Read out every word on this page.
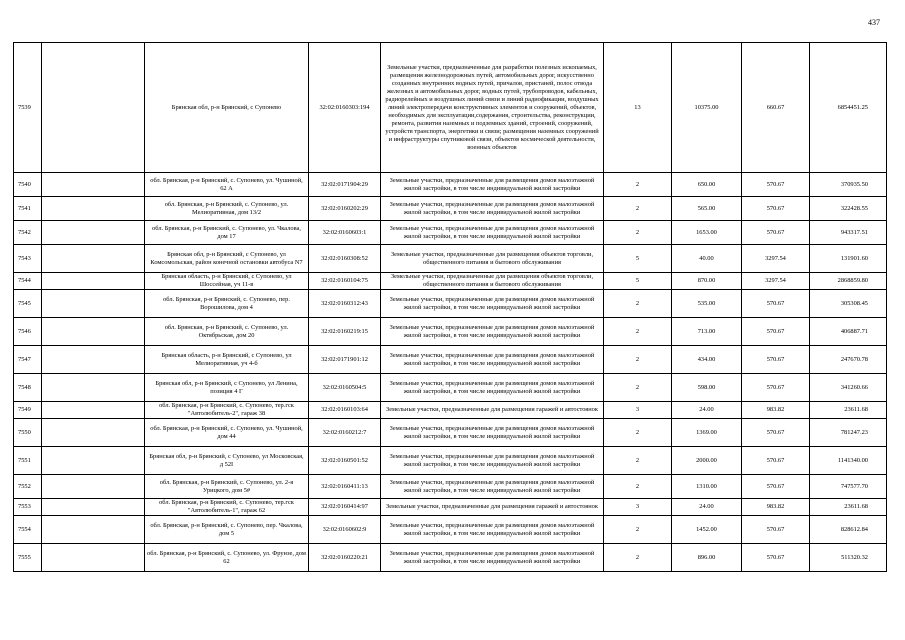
437
7539		Брянская обл, р-н Брянский, с Супонево	32:02:0160303:194	Земельные участки, предназначенные для разработки полезных ископаемых, размещения железнодорожных путей, автомобильных дорог, искусственно созданных внутренних водных путей, причалов, пристаней, полос отвода железных и автомобильных дорог, водных путей, трубопроводов, кабельных, радиорелейных и воздушных линий связи и линий радиофикации, воздушных линий электропередачи конструктивных элементов и сооружений, объектов, необходимых для эксплуатации,содержания, строительства, реконструкции, ремонта, развития наземных и подземных зданий, строений, сооружений, устройств транспорта, энергетики и связи; размещения наземных сооружений и инфраструктуры спутниковой связи, объектов космической деятельности, военных объектов	13	10375.00	660.67	6854451.25
7540		обл. Брянская, р-н Брянский, с. Супонево, ул. Чушиной, 62 А	32:02:0171904:29	Земельные участки, предназначенные для размещения домов малоэтажной жилой застройки, в том числе индивидуальной жилой застройки	2	650.00	570.67	370935.50
7541		обл. Брянская, р-н Брянский, с. Супонево, ул. Мелиоративная, дом 13/2	32:02:0160202:29	Земельные участки, предназначенные для размещения домов малоэтажной жилой застройки, в том числе индивидуальной жилой застройки	2	565.00	570.67	322428.55
7542		обл. Брянская, р-н Брянский, с. Супонево, ул. Чкалова, дом 17	32:02:0160603:1	Земельные участки, предназначенные для размещения домов малоэтажной жилой застройки, в том числе индивидуальной жилой застройки	2	1653.00	570.67	943317.51
7543		Брянская обл, р-н Брянский, с Супонево, ул Комсомольская, район конечной остановки автобуса N7	32:02:0160308:52	Земельные участки, предназначенные для размещения объектов торговли, общественного питания и бытового обслуживания	5	40.00	3297.54	131901.60
7544		Брянская область, р-н Брянский, с Супонево, ул Шоссейная, уч 11-в	32:02:0160104:75	Земельные участки, предназначенные для размещения объектов торговли, общественного питания и бытового обслуживания	5	870.00	3297.54	2868859.80
7545		обл. Брянская, р-н Брянский, с. Супонево, пер. Ворошилова, дом 4	32:02:0160312:43	Земельные участки, предназначенные для размещения домов малоэтажной жилой застройки, в том числе индивидуальной жилой застройки	2	535.00	570.67	305308.45
7546		обл. Брянская, р-н Брянский, с. Супонево, ул. Октябрьская, дом 20	32:02:0160219:15	Земельные участки, предназначенные для размещения домов малоэтажной жилой застройки, в том числе индивидуальной жилой застройки	2	713.00	570.67	406887.71
7547		Брянская область, р-н Брянский, с Супонево, ул Мелиоративная, уч 4-б	32:02:0171901:12	Земельные участки, предназначенные для размещения домов малоэтажной жилой застройки, в том числе индивидуальной жилой застройки	2	434.00	570.67	247670.78
7548		Брянская обл, р-н Брянский, с Супонево, ул Ленина, позиция 4 Г	32:02:0160504:5	Земельные участки, предназначенные для размещения домов малоэтажной жилой застройки, в том числе индивидуальной жилой застройки	2	598.00	570.67	341260.66
7549		обл. Брянская, р-н Брянский, с. Супонево, тер.гск "Автолюбитель-2", гараж 38	32:02:0160103:64	Земельные участки, предназначенные для размещения гаражей и автостоянок	3	24.00	983.82	23611.68
7550		обл. Брянская, р-н Брянский, с. Супонево, ул. Чушиной, дом 44	32:02:0160212:7	Земельные участки, предназначенные для размещения домов малоэтажной жилой застройки, в том числе индивидуальной жилой застройки	2	1369.00	570.67	781247.23
7551		Брянская обл, р-н Брянский, с Супонево, ул Московская, д 52І	32:02:0160501:52	Земельные участки, предназначенные для размещения домов малоэтажной жилой застройки, в том числе индивидуальной жилой застройки	2	2000.00	570.67	1141340.00
7552		обл. Брянская, р-н Брянский, с. Супонево, ул. 2-я Урицкого, дом 5#	32:02:0160411:13	Земельные участки, предназначенные для размещения домов малоэтажной жилой застройки, в том числе индивидуальной жилой застройки	2	1310.00	570.67	747577.70
7553		обл. Брянская, р-н Брянский, с. Супонево, тер.гск "Автолюбитель-1", гараж 62	32:02:0160414:97	Земельные участки, предназначенные для размещения гаражей и автостоянок	3	24.00	983.82	23611.68
7554		обл. Брянская, р-н Брянский, с. Супонево, пер. Чкалова, дом 5	32:02:0160602:9	Земельные участки, предназначенные для размещения домов малоэтажной жилой застройки, в том числе индивидуальной жилой застройки	2	1452.00	570.67	828612.84
7555		обл. Брянская, р-н Брянский, с. Супонево, ул. Фрунзе, дом 62	32:02:0160220:21	Земельные участки, предназначенные для размещения домов малоэтажной жилой застройки, в том числе индивидуальной жилой застройки	2	896.00	570.67	511320.32
